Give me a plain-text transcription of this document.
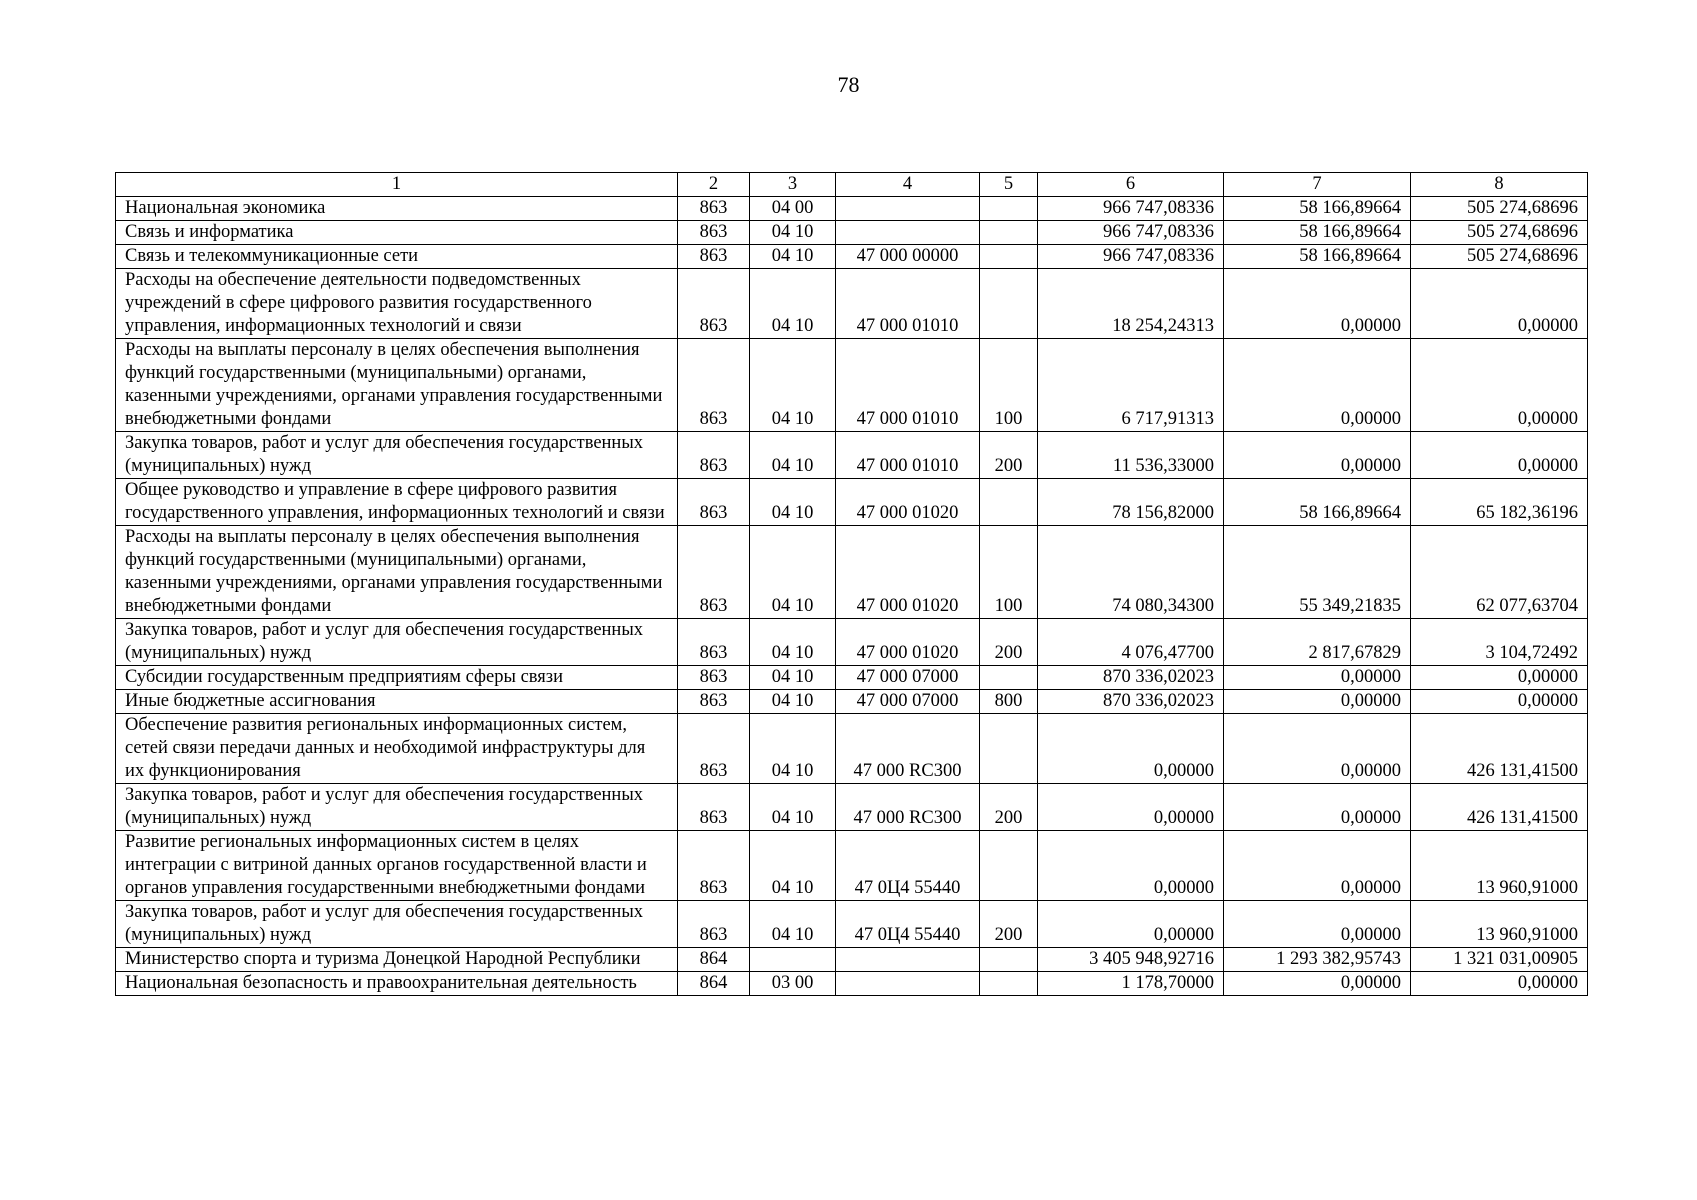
78
1	2	3	4	5	6	7	8
Национальная экономика	863	04 00			966 747,08336	58 166,89664	505 274,68696
Связь и информатика	863	04 10			966 747,08336	58 166,89664	505 274,68696
Связь и телекоммуникационные сети	863	04 10	47 000 00000		966 747,08336	58 166,89664	505 274,68696
Расходы на обеспечение деятельности подведомственных учреждений в сфере цифрового развития государственного управления, информационных технологий и связи	863	04 10	47 000 01010		18 254,24313	0,00000	0,00000
Расходы на выплаты персоналу в целях обеспечения выполнения функций государственными (муниципальными) органами, казенными учреждениями, органами управления государственными внебюджетными фондами	863	04 10	47 000 01010	100	6 717,91313	0,00000	0,00000
Закупка товаров, работ и услуг для обеспечения государственных (муниципальных) нужд	863	04 10	47 000 01010	200	11 536,33000	0,00000	0,00000
Общее руководство и управление в сфере цифрового развития государственного управления, информационных технологий и связи	863	04 10	47 000 01020		78 156,82000	58 166,89664	65 182,36196
Расходы на выплаты персоналу в целях обеспечения выполнения функций государственными (муниципальными) органами, казенными учреждениями, органами управления государственными внебюджетными фондами	863	04 10	47 000 01020	100	74 080,34300	55 349,21835	62 077,63704
Закупка товаров, работ и услуг для обеспечения государственных (муниципальных) нужд	863	04 10	47 000 01020	200	4 076,47700	2 817,67829	3 104,72492
Субсидии государственным предприятиям сферы связи	863	04 10	47 000 07000		870 336,02023	0,00000	0,00000
Иные бюджетные ассигнования	863	04 10	47 000 07000	800	870 336,02023	0,00000	0,00000
Обеспечение развития региональных информационных систем, сетей связи передачи данных и необходимой инфраструктуры для их функционирования	863	04 10	47 000 RC300		0,00000	0,00000	426 131,41500
Закупка товаров, работ и услуг для обеспечения государственных (муниципальных) нужд	863	04 10	47 000 RC300	200	0,00000	0,00000	426 131,41500
Развитие региональных информационных систем в целях интеграции с витриной данных органов государственной власти и органов управления государственными внебюджетными фондами	863	04 10	47 0Ц4 55440		0,00000	0,00000	13 960,91000
Закупка товаров, работ и услуг для обеспечения государственных (муниципальных) нужд	863	04 10	47 0Ц4 55440	200	0,00000	0,00000	13 960,91000
Министерство спорта и туризма Донецкой Народной Республики	864				3 405 948,92716	1 293 382,95743	1 321 031,00905
Национальная безопасность и правоохранительная деятельность	864	03 00			1 178,70000	0,00000	0,00000
